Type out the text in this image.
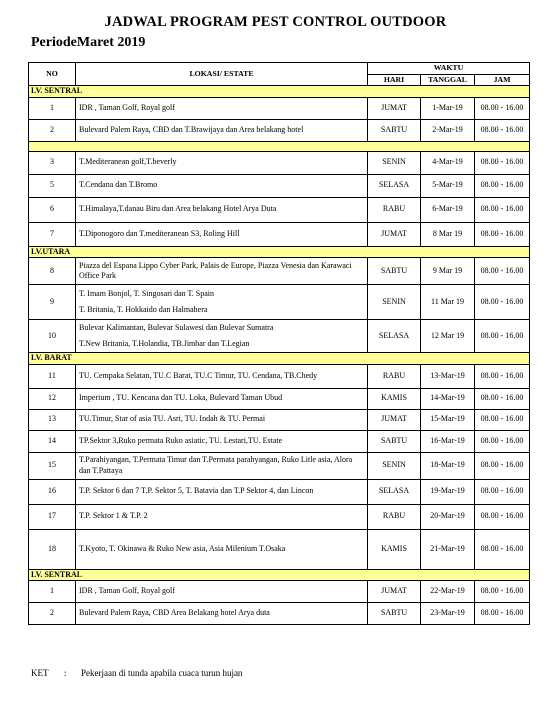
JADWAL PROGRAM PEST CONTROL OUTDOOR
PeriodeMaret 2019
NO	LOKASI/ ESTATE	WAKTU		
		HARI	TANGGAL	JAM
LV. SENTRAL				
1	IDR , Taman Golf, Royal golf	JUMAT	1-Mar-19	08.00 - 16.00
2	Bulevard Palem Raya, CBD dan T.Brawijaya dan Area belakang hotel	SABTU	2-Mar-19	08.00 - 16.00

3	T.Mediteranean golf,T.beverly	SENIN	4-Mar-19	08.00 - 16.00
5	T.Cendana dan T.Bromo	SELASA	5-Mar-19	08.00 - 16.00
6	T.Himalaya,T.danau Biru dan Area belakang Hotel Arya Duta	RABU	6-Mar-19	08.00 - 16.00
7	T.Diponogoro dan T.mediteranean S3, Roling Hill	JUMAT	8 Mar 19	08.00 - 16.00
LV.UTARA				
8	Piazza del Espana Lippo Cyber Park, Palais de Europe, Piazza Venesia dan Karawaci Office Park	SABTU	9 Mar 19	08.00 - 16.00
9	T. Imam Bonjol, T. Singosari dan T. Spain
T. Britania, T. Hokkaido dan Halmahera	SENIN	11 Mar 19	08.00 - 16.00
10	Bulevar Kalimantan, Bulevar Sulawesi dan Bulevar Sumatra
T.New Britania, T.Holandia, TB.Jimbar dan T.Legian	SELASA	12 Mar 19	08.00 - 16.00
LV. BARAT				
11	TU. Cempaka Selatan, TU.C Barat, TU.C Timur, TU. Cendana, TB.Chedy	RABU	13-Mar-19	08.00 - 16.00
12	Imperium , TU. Kencana dan TU. Loka, Bulevard Taman Ubud	KAMIS	14-Mar-19	08.00 - 16.00
13	TU.Timur, Star of asia TU. Asri, TU. Indah & TU. Permai	JUMAT	15-Mar-19	08.00 - 16.00
14	TP.Sektor 3,Ruko permata Ruko asiatic, TU. Lestari,TU. Estate	SABTU	16-Mar-19	08.00 - 16.00
15	T.Parahiyangan, T.Permata Timur dan T.Permata parahyangan, Ruko Litle asia, Alora dan T.Pattaya	SENIN	18-Mar-19	08.00 - 16.00
16	T.P. Sektor 6 dan 7 T.P. Sektor 5, T. Batavia dan T.P Sektor 4, dan Lincon	SELASA	19-Mar-19	08.00 - 16.00
17	T.P. Sektor 1 & T.P. 2	RABU	20-Mar-19	08.00 - 16.00
18	T.Kyoto, T. Okinawa & Ruko New asia, Asia Milenium T.Osaka	KAMIS	21-Mar-19	08.00 - 16.00
LV. SENTRAL				
1	IDR , Taman Golf, Royal golf	JUMAT	22-Mar-19	08.00 - 16.00
2	Bulevard Palem Raya, CBD Area Belakang hotel Arya duta	SABTU	23-Mar-19	08.00 - 16.00
KET : Pekerjaan di tunda apabila cuaca turun hujan
